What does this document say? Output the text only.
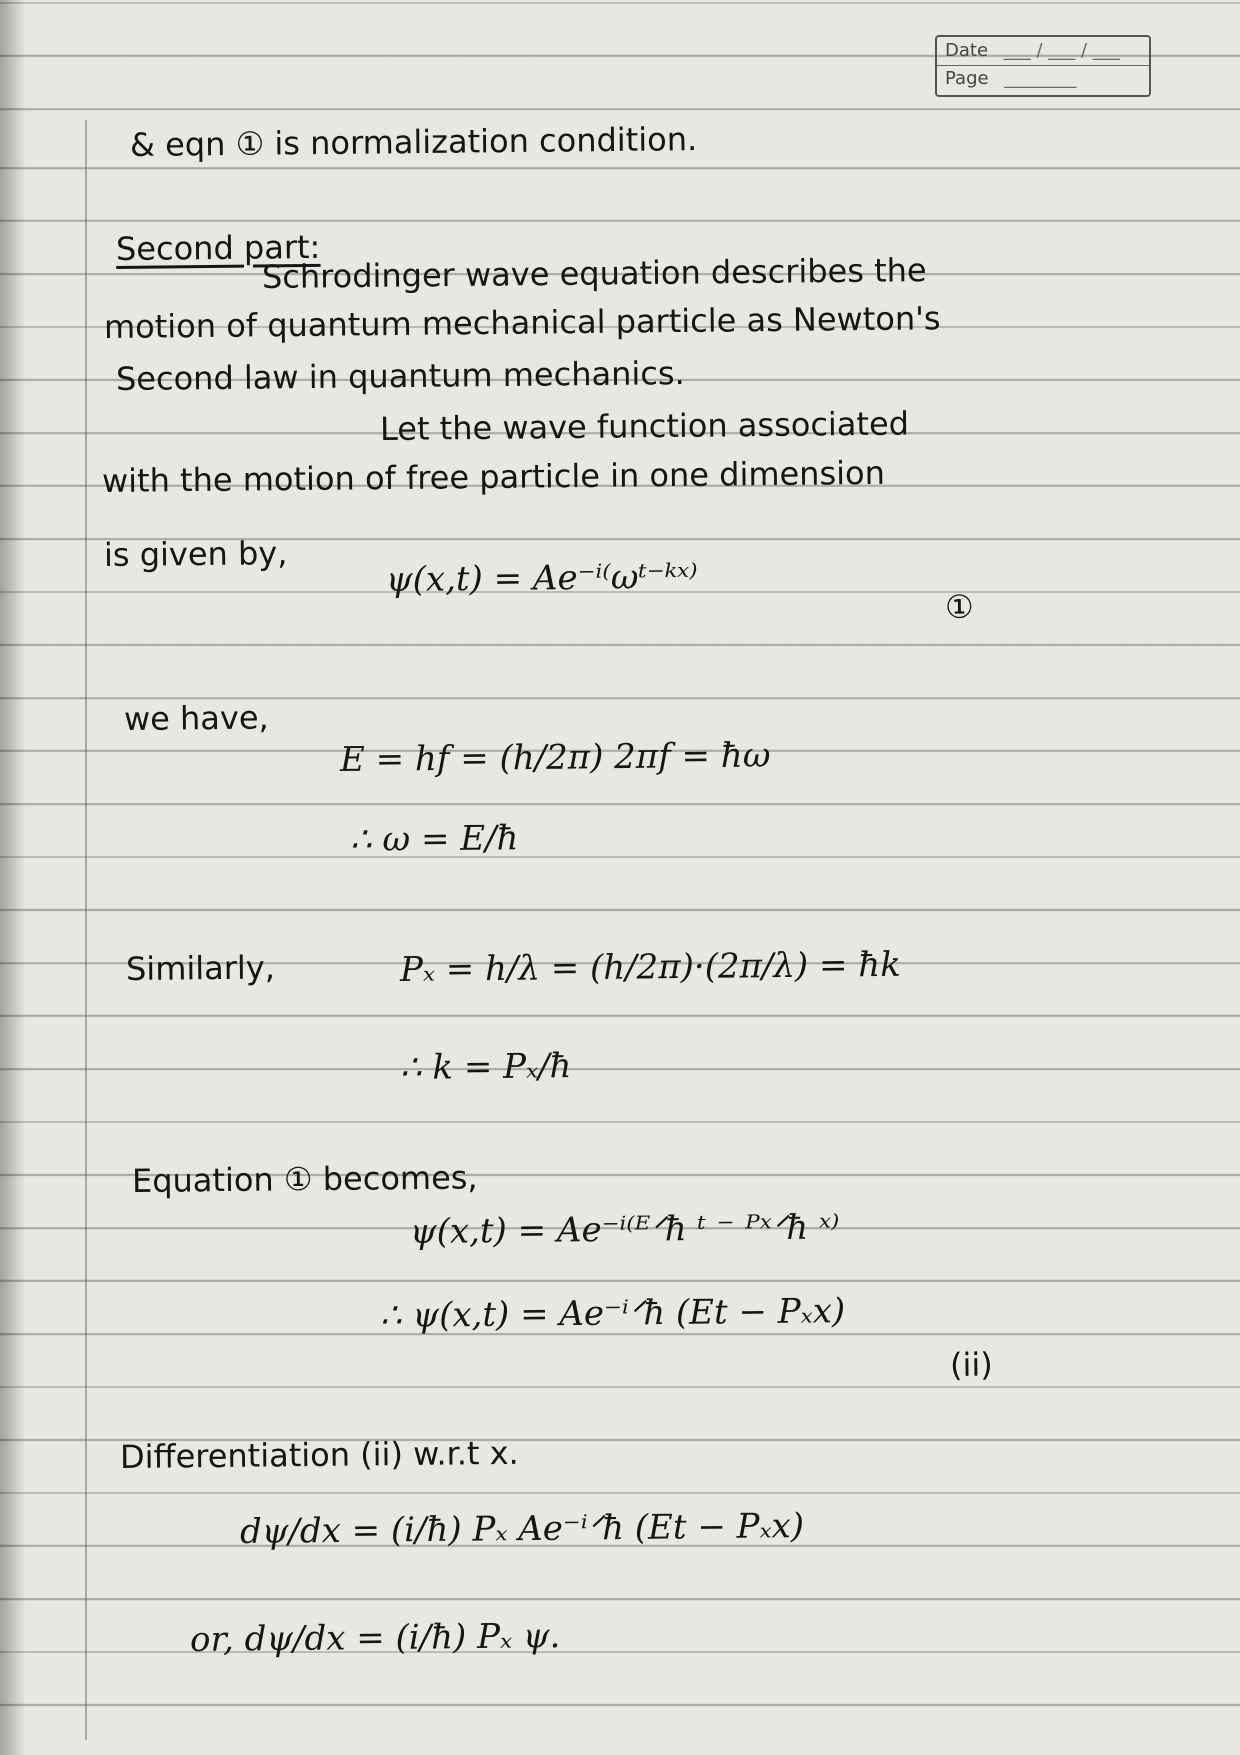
Date ___ / ___ / ___
Page ________
& eqn ① is normalization condition.
Second part:
Schrodinger wave equation describes the
motion of quantum mechanical particle as Newton's
Second law in quantum mechanics.
Let the wave function associated
with the motion of free particle in one dimension
is given by,
ψ(x,t) = Ae⁻ⁱ⁽ωᵗ⁻ᵏˣ⁾
①
we have,
E = hf = (h/2π) 2πf = ħω
∴ ω = E/ħ
Similarly,	Pₓ = h/λ = (h/2π)·(2π/λ) = ħk
∴ k = Pₓ/ħ
Equation ① becomes,
ψ(x,t) = Ae⁻ⁱ⁽ᴱᐟħ ᵗ ⁻ ᴾˣᐟħ ˣ⁾
∴ ψ(x,t) = Ae⁻ⁱᐟħ (Et − Pₓx)
(ii)
Differentiation (ii) w.r.t x.
dψ/dx = (i/ħ) Pₓ Ae⁻ⁱᐟħ (Et − Pₓx)
or, dψ/dx = (i/ħ) Pₓ ψ.
